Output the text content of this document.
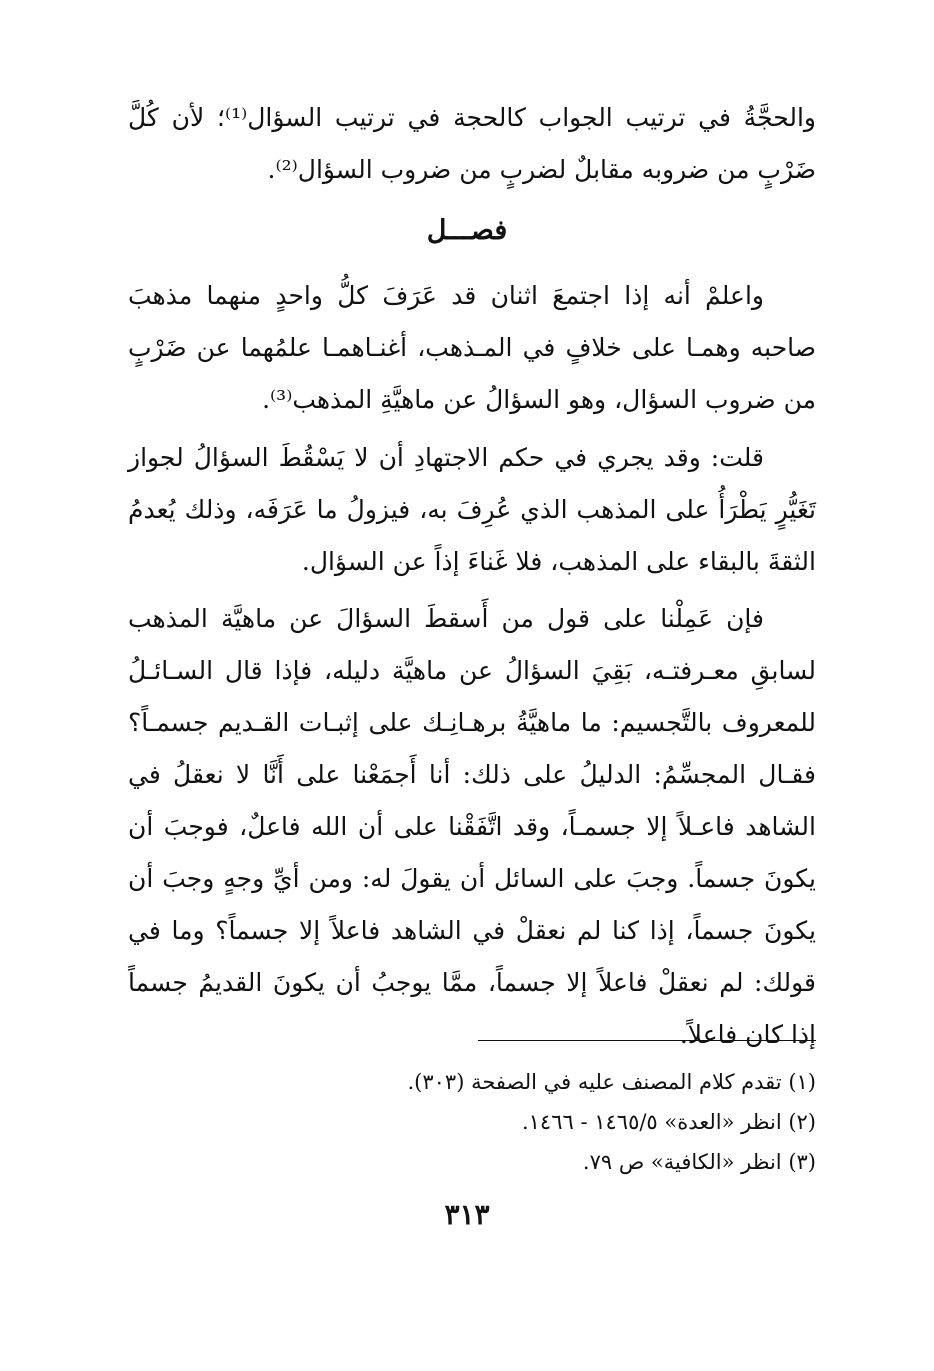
والحجَّةُ في ترتيب الجواب كالحجة في ترتيب السؤال⁽¹⁾؛ لأن كُلَّ ضَرْبٍ من ضروبه مقابلٌ لضربٍ من ضروب السؤال⁽²⁾.

فصـــل

واعلمْ أنه إذا اجتمعَ اثنان قد عَرَفَ كلُّ واحدٍ منهما مذهبَ صاحبه وهمـا على خلافٍ في المـذهب، أغنـاهمـا علمُهما عن ضَرْبٍ من ضروب السؤال، وهو السؤالُ عن ماهيَّةِ المذهب⁽³⁾.

قلت: وقد يجري في حكم الاجتهادِ أن لا يَسْقُطَ السؤالُ لجواز تَغَيُّرٍ يَطْرَأُ على المذهب الذي عُرِفَ به، فيزولُ ما عَرَفَه، وذلك يُعدمُ الثقةَ بالبقاء على المذهب، فلا غَناءَ إذاً عن السؤال.

فإن عَمِلْنا على قول من أَسقطَ السؤالَ عن ماهيَّة المذهب لسابقِ معـرفتـه، بَقِيَ السؤالُ عن ماهيَّة دليله، فإذا قال السـائـلُ للمعروف بالتَّجسيم: ما ماهيَّةُ برهـانِـك على إثبـات القـديم جسمـاً؟ فقـال المجسِّمُ: الدليلُ على ذلك: أنا أَجمَعْنا على أَنَّا لا نعقلُ في الشاهد فاعـلاً إلا جسمـاً، وقد اتَّفَقْنا على أن الله فاعلٌ، فوجبَ أن يكونَ جسماً. وجبَ على السائل أن يقولَ له: ومن أيِّ وجهٍ وجبَ أن يكونَ جسماً، إذا كنا لم نعقلْ في الشاهد فاعلاً إلا جسماً؟ وما في قولك: لم نعقلْ فاعلاً إلا جسماً، ممَّا يوجبُ أن يكونَ القديمُ جسماً إذا كان فاعلاً.

(١) تقدم كلام المصنف عليه في الصفحة (٣٠٣).
(٢) انظر «العدة» ١٤٦٥/٥ - ١٤٦٦.
(٣) انظر «الكافية» ص ٧٩.
٣١٣
